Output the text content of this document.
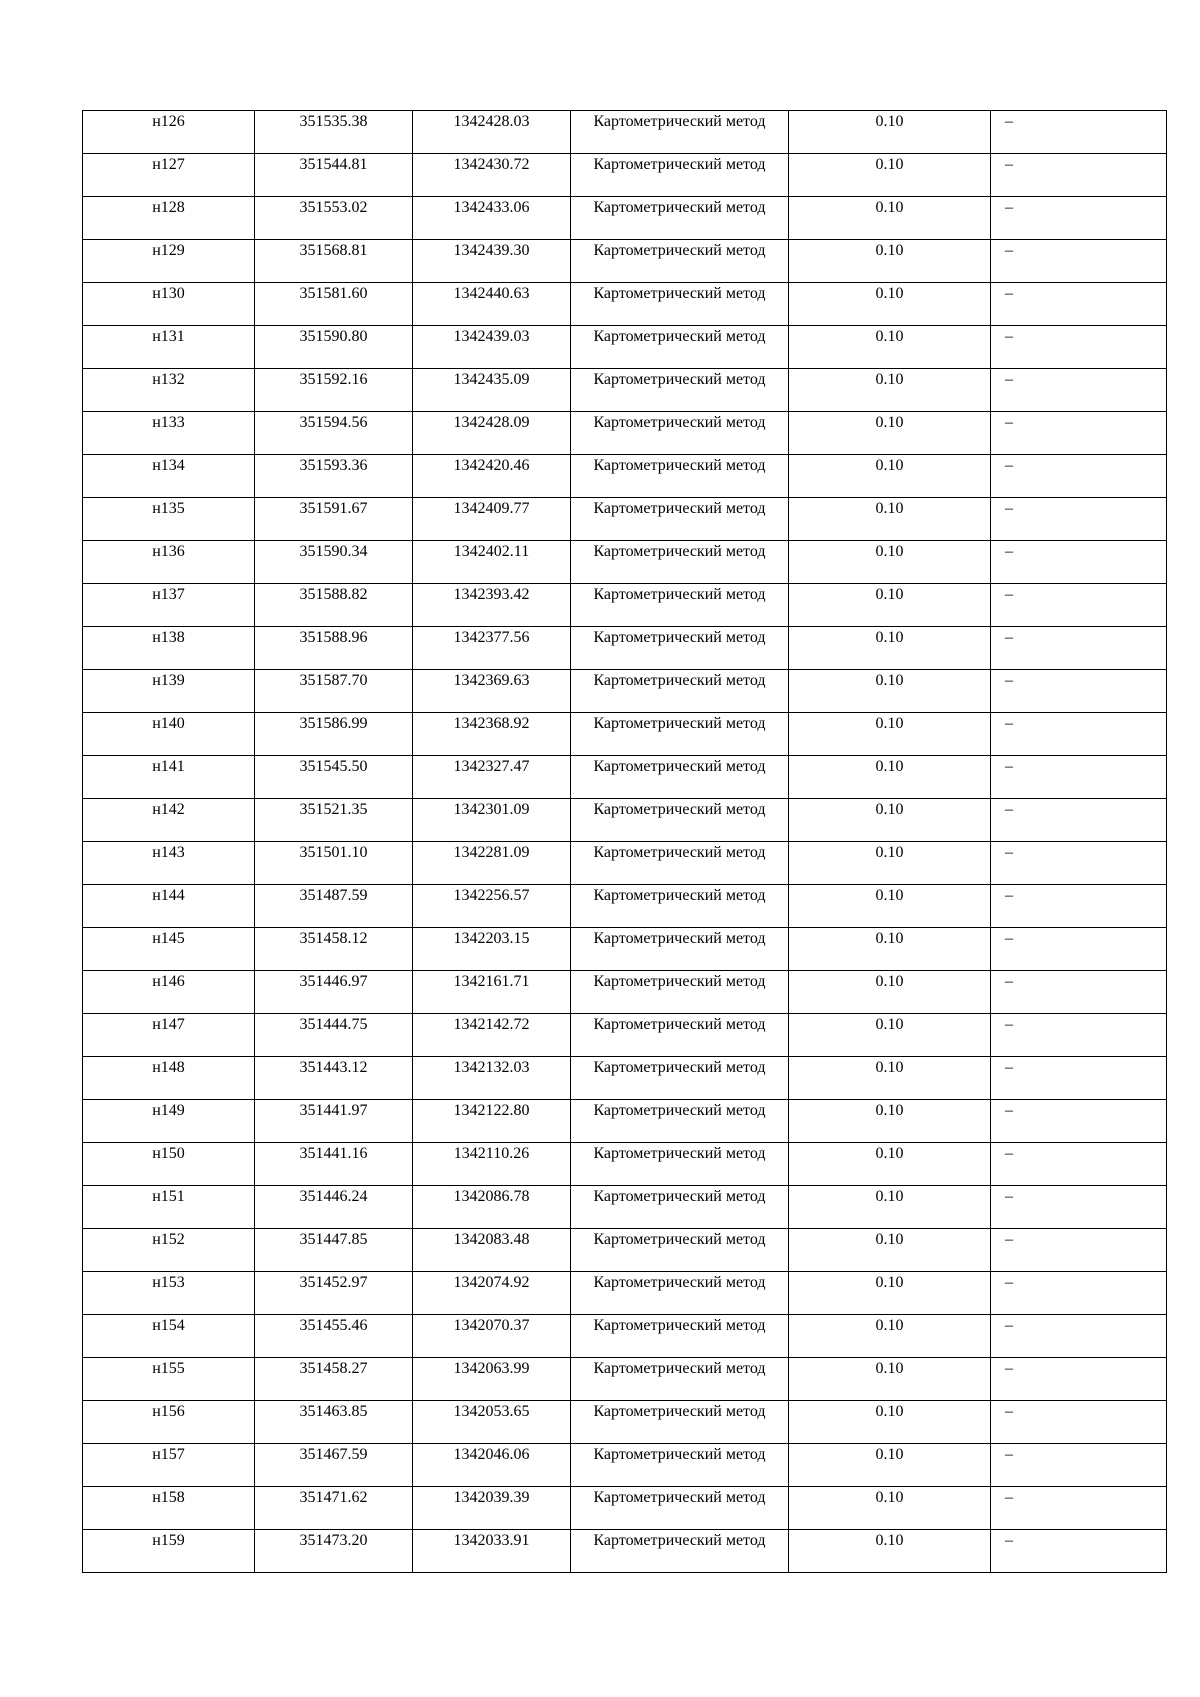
н126	351535.38	1342428.03	Картометрический метод	0.10	–

н127	351544.81	1342430.72	Картометрический метод	0.10	–

н128	351553.02	1342433.06	Картометрический метод	0.10	–

н129	351568.81	1342439.30	Картометрический метод	0.10	–

н130	351581.60	1342440.63	Картометрический метод	0.10	–

н131	351590.80	1342439.03	Картометрический метод	0.10	–

н132	351592.16	1342435.09	Картометрический метод	0.10	–

н133	351594.56	1342428.09	Картометрический метод	0.10	–

н134	351593.36	1342420.46	Картометрический метод	0.10	–

н135	351591.67	1342409.77	Картометрический метод	0.10	–

н136	351590.34	1342402.11	Картометрический метод	0.10	–

н137	351588.82	1342393.42	Картометрический метод	0.10	–

н138	351588.96	1342377.56	Картометрический метод	0.10	–

н139	351587.70	1342369.63	Картометрический метод	0.10	–

н140	351586.99	1342368.92	Картометрический метод	0.10	–

н141	351545.50	1342327.47	Картометрический метод	0.10	–

н142	351521.35	1342301.09	Картометрический метод	0.10	–

н143	351501.10	1342281.09	Картометрический метод	0.10	–

н144	351487.59	1342256.57	Картометрический метод	0.10	–

н145	351458.12	1342203.15	Картометрический метод	0.10	–

н146	351446.97	1342161.71	Картометрический метод	0.10	–

н147	351444.75	1342142.72	Картометрический метод	0.10	–

н148	351443.12	1342132.03	Картометрический метод	0.10	–

н149	351441.97	1342122.80	Картометрический метод	0.10	–

н150	351441.16	1342110.26	Картометрический метод	0.10	–

н151	351446.24	1342086.78	Картометрический метод	0.10	–

н152	351447.85	1342083.48	Картометрический метод	0.10	–

н153	351452.97	1342074.92	Картометрический метод	0.10	–

н154	351455.46	1342070.37	Картометрический метод	0.10	–

н155	351458.27	1342063.99	Картометрический метод	0.10	–

н156	351463.85	1342053.65	Картометрический метод	0.10	–

н157	351467.59	1342046.06	Картометрический метод	0.10	–

н158	351471.62	1342039.39	Картометрический метод	0.10	–

н159	351473.20	1342033.91	Картометрический метод	0.10	–
